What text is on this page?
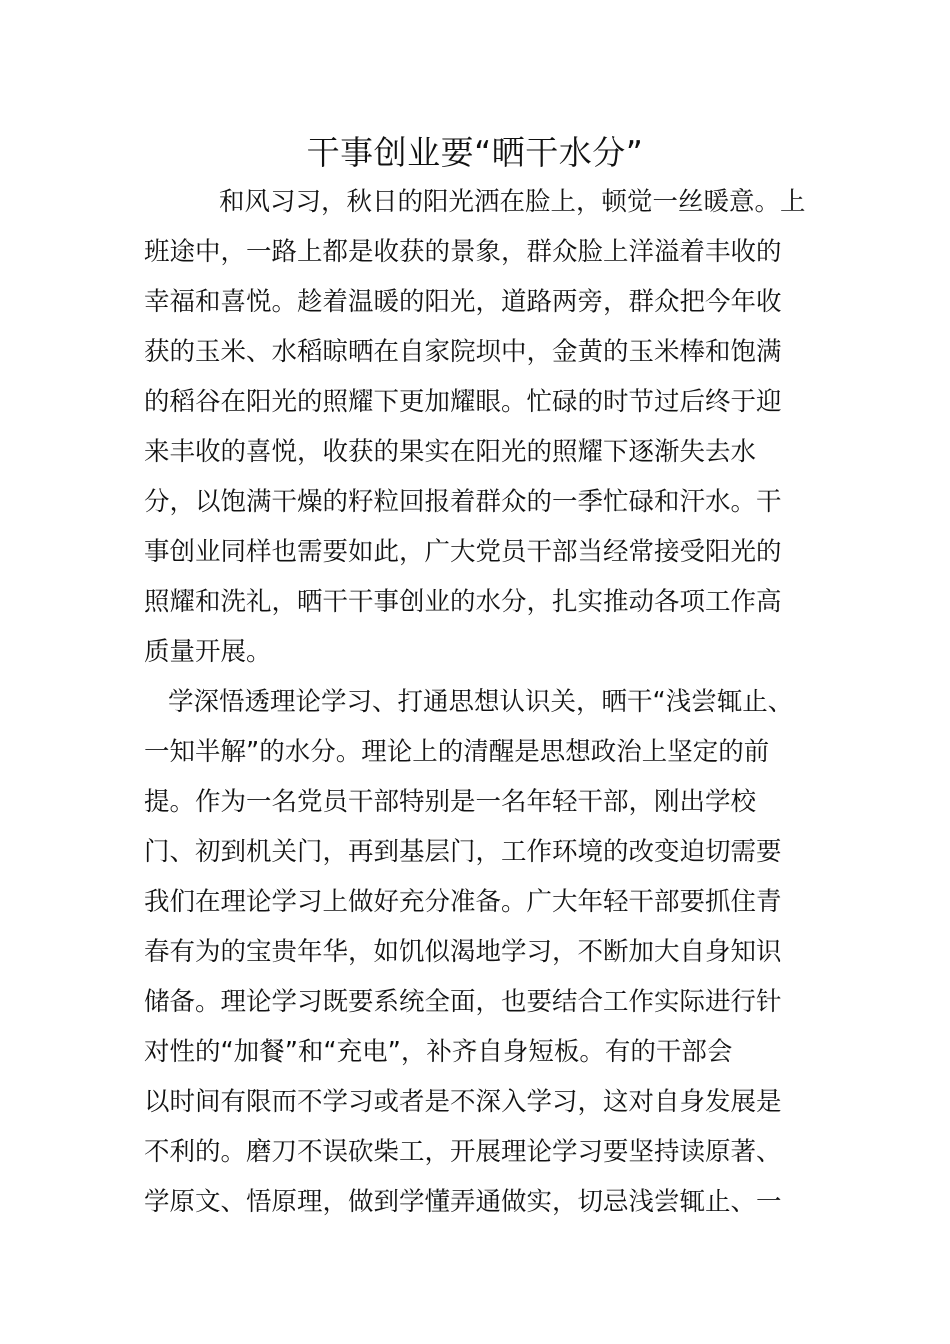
干事创业要“晒干水分”
和风习习，秋日的阳光洒在脸上，顿觉一丝暖意。上
班途中，一路上都是收获的景象，群众脸上洋溢着丰收的
幸福和喜悦。趁着温暖的阳光，道路两旁，群众把今年收
获的玉米、水稻晾晒在自家院坝中，金黄的玉米棒和饱满
的稻谷在阳光的照耀下更加耀眼。忙碌的时节过后终于迎
来丰收的喜悦，收获的果实在阳光的照耀下逐渐失去水
分，以饱满干燥的籽粒回报着群众的一季忙碌和汗水。干
事创业同样也需要如此，广大党员干部当经常接受阳光的
照耀和洗礼，晒干干事创业的水分，扎实推动各项工作高
质量开展。
学深悟透理论学习、打通思想认识关，晒干“浅尝辄止、
一知半解”的水分。理论上的清醒是思想政治上坚定的前
提。作为一名党员干部特别是一名年轻干部，刚出学校
门、初到机关门，再到基层门，工作环境的改变迫切需要
我们在理论学习上做好充分准备。广大年轻干部要抓住青
春有为的宝贵年华，如饥似渴地学习，不断加大自身知识
储备。理论学习既要系统全面，也要结合工作实际进行针
对性的“加餐”和“充电”，补齐自身短板。有的干部会
以时间有限而不学习或者是不深入学习，这对自身发展是
不利的。磨刀不误砍柴工，开展理论学习要坚持读原著、
学原文、悟原理，做到学懂弄通做实，切忌浅尝辄止、一
